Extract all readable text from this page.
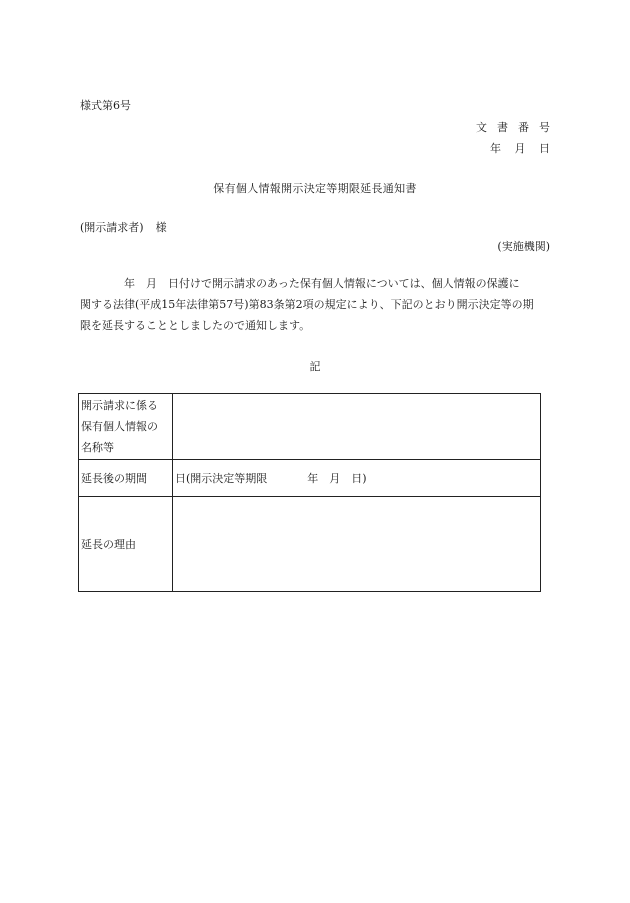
様式第6号
文書番号
年 月 日
保有個人情報開示決定等期限延長通知書
(開示請求者) 様
(実施機関)
年　月　日付けで開示請求のあった保有個人情報については、個人情報の保護に
関する法律(平成15年法律第57号)第83条第2項の規定により、下記のとおり開示決定等の期
限を延長することとしましたので通知します。
記
開示請求に係る
保有個人情報の
名称等	

延長後の期間	日(開示決定等期限 年　月　日)
延長の理由	
